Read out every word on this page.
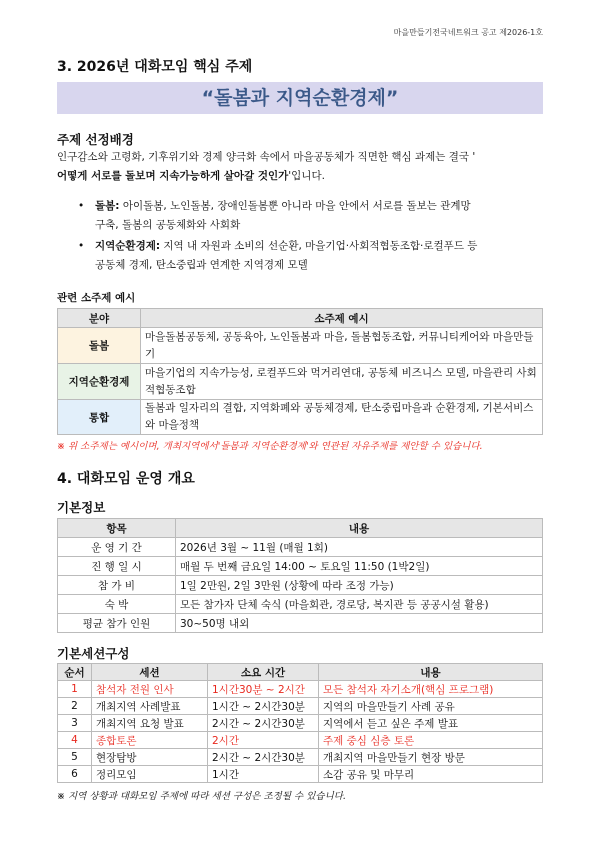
마을만들기전국네트워크 공고 제2026-1호
3. 2026년 대화모임 핵심 주제
“돌봄과 지역순환경제”
주제 선정배경
인구감소와 고령화, 기후위기와 경제 양극화 속에서 마을공동체가 직면한 핵심 과제는 결국 '
어떻게 서로를 돌보며 지속가능하게 살아갈 것인가'입니다.
•	돌봄: 아이돌봄, 노인돌봄, 장애인돌봄뿐 아니라 마을 안에서 서로를 돌보는 관계망
구축, 돌봄의 공동체화와 사회화
•	지역순환경제: 지역 내 자원과 소비의 선순환, 마을기업·사회적협동조합·로컬푸드 등
공동체 경제, 탄소중립과 연계한 지역경제 모델
관련 소주제 예시
분야	소주제 예시
돌봄	마을돌봄공동체, 공동육아, 노인돌봄과 마을, 돌봄협동조합, 커뮤니티케어와 마을만들기
지역순환경제	마을기업의 지속가능성, 로컬푸드와 먹거리연대, 공동체 비즈니스 모델, 마을관리 사회적협동조합
통합	돌봄과 일자리의 결합, 지역화폐와 공동체경제, 탄소중립마을과 순환경제, 기본서비스와 마을정책
※ 위 소주제는 예시이며, 개최지역에서'돌봄과 지역순환경제'와 연관된 자유주제를 제안할 수 있습니다.
4. 대화모임 운영 개요
기본정보
항목	내용
운 영 기 간	2026년 3월 ~ 11월 (매월 1회)
진 행 일 시	매월 두 번째 금요일 14:00 ~ 토요일 11:50 (1박2일)
참 가 비	1일 2만원, 2일 3만원 (상황에 따라 조정 가능)
숙 박	모든 참가자 단체 숙식 (마을회관, 경로당, 복지관 등 공공시설 활용)
평균 참가 인원	30~50명 내외
기본세션구성
순서	세션	소요 시간	내용
1	참석자 전원 인사	1시간30분 ~ 2시간	모든 참석자 자기소개(핵심 프로그램)
2	개최지역 사례발표	1시간 ~ 2시간30분	지역의 마을만들기 사례 공유
3	개최지역 요청 발표	2시간 ~ 2시간30분	지역에서 듣고 싶은 주제 발표
4	종합토론	2시간	주제 중심 심층 토론
5	현장탐방	2시간 ~ 2시간30분	개최지역 마을만들기 현장 방문
6	정리모임	1시간	소감 공유 및 마무리
※ 지역 상황과 대화모임 주제에 따라 세션 구성은 조정될 수 있습니다.
